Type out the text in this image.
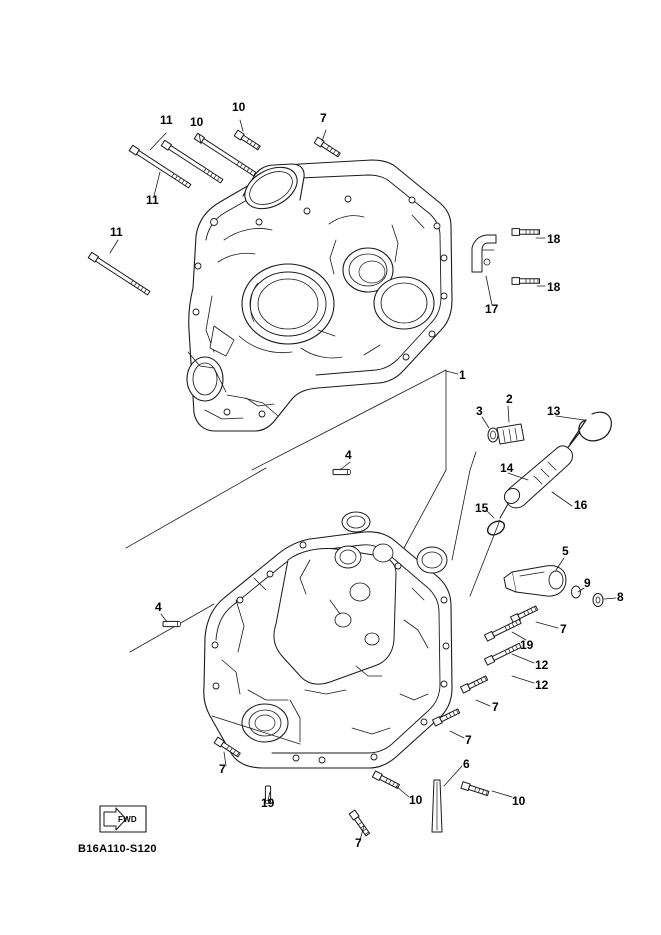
11
10
10	7
11
11	18
18
17
1
2
3	13
14
16
15
4
5
9
8
4
7
19
12
12
7
7
6
19
7
10	10
7
FWD
B16A110-S120
